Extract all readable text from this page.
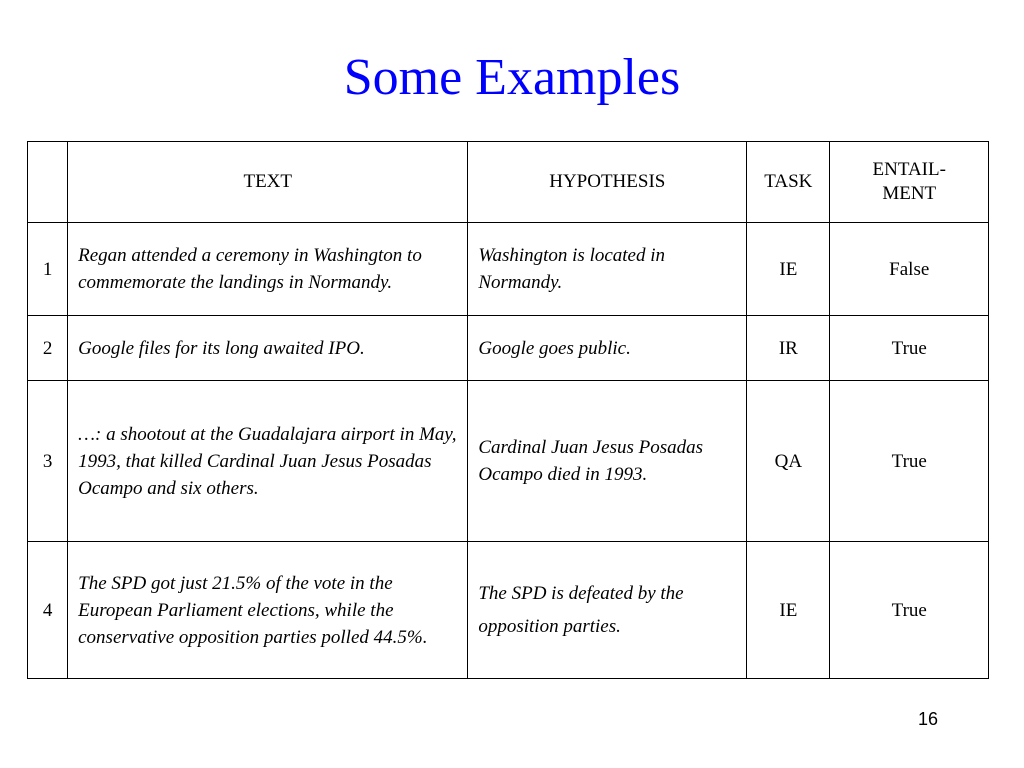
Some Examples
	TEXT	HYPOTHESIS	TASK	ENTAIL-
MENT
1	Regan attended a ceremony in Washington to commemorate the landings in Normandy.	Washington is located in Normandy.	IE	False
2	Google files for its long awaited IPO.	Google goes public.	IR	True
3	…: a shootout at the Guadalajara airport in May, 1993, that killed Cardinal Juan Jesus Posadas Ocampo and six others.	Cardinal Juan Jesus Posadas Ocampo died in 1993.	QA	True
4	The SPD got just 21.5% of the vote in the European Parliament elections, while the conservative opposition parties polled 44.5%.	The SPD is defeated by the opposition parties.	IE	True
16
